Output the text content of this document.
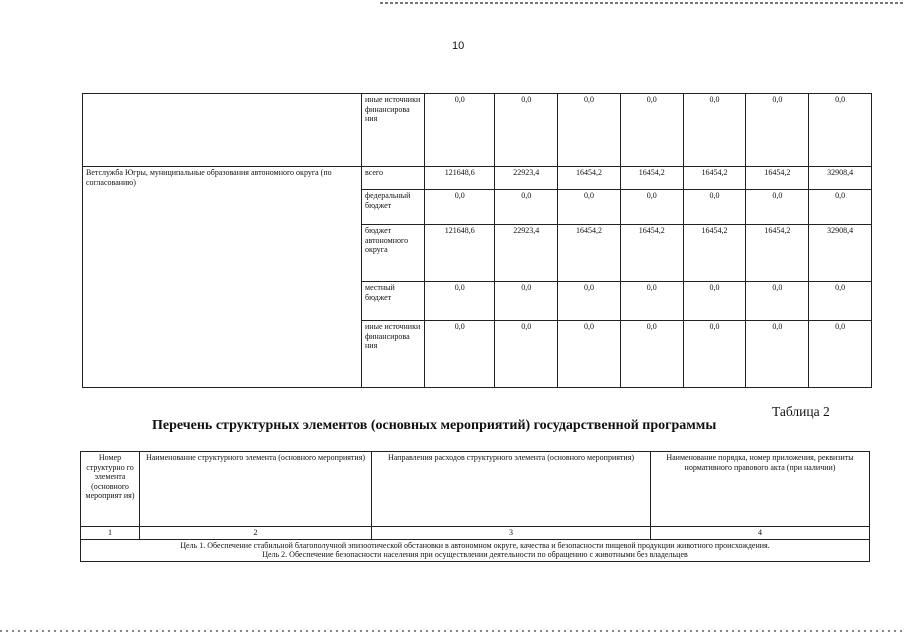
10
	иные источники финансирова ния	0,0	0,0	0,0	0,0	0,0	0,0	0,0
Ветслужба Югры, муниципальные образования автономного округа (по согласованию)	всего	121648,6	22923,4	16454,2	16454,2	16454,2	16454,2	32908,4
	федеральный бюджет	0,0	0,0	0,0	0,0	0,0	0,0	0,0
	бюджет автономного округа	121648,6	22923,4	16454,2	16454,2	16454,2	16454,2	32908,4
	местный бюджет	0,0	0,0	0,0	0,0	0,0	0,0	0,0
	иные источники финансирова ния	0,0	0,0	0,0	0,0	0,0	0,0	0,0
Таблица 2
Перечень структурных элементов (основных мероприятий) государственной программы
Номер структурно го элемента (основного мероприят ия)	Наименование структурного элемента (основного мероприятия)	Направления расходов структурного элемента (основного мероприятия)	Наименование порядка, номер приложения, реквизиты нормативного правового акта (при наличии)
1	2	3	4

Цель 1. Обеспечение стабильной благополучной эпизоотической обстановки в автономном округе, качества и безопасности пищевой продукции животного происхождения.
Цель 2. Обеспечение безопасности населения при осуществлении деятельности по обращению с животными без владельцев			
